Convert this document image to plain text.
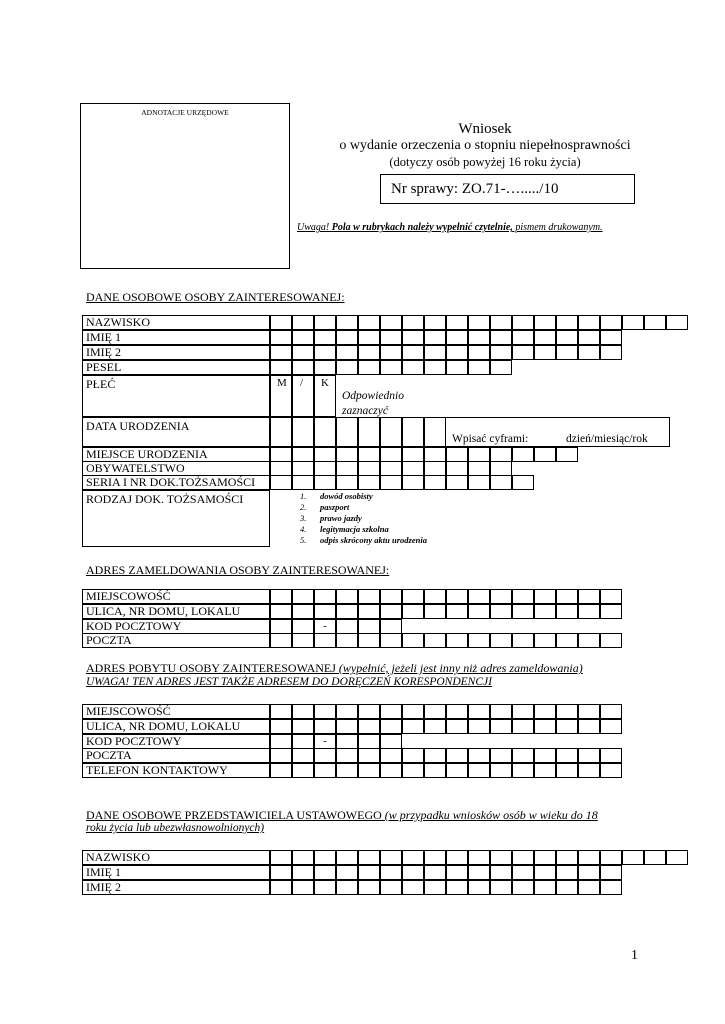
ADNOTACJE URZĘDOWE
Wniosek
o wydanie orzeczenia o stopniu niepełnosprawności
(dotyczy osób powyżej 16 roku życia)
Nr sprawy: ZO.71-…...../10
Uwaga! Pola w rubrykach należy wypełnić czytelnie, pismem drukowanym.
DANE OSOBOWE OSOBY ZAINTERESOWANEJ:
NAZWISKO
IMIĘ 1
IMIĘ 2
PESEL
PŁEĆ	M / K
Odpowiednio zaznaczyć
DATA URODZENIA
Wpisać cyframi:	dzień/miesiąc/rok
MIEJSCE URODZENIA
OBYWATELSTWO
SERIA I NR DOK.TOŻSAMOŚCI
RODZAJ DOK. TOŻSAMOŚCI	1. dowód osobisty
2. paszport
3. prawo jazdy
4. legitymacja szkolna
5. odpis skrócony aktu urodzenia
ADRES ZAMELDOWANIA OSOBY ZAINTERESOWANEJ:
MIEJSCOWOŚĆ
ULICA, NR DOMU, LOKALU
KOD POCZTOWY	-
POCZTA
ADRES POBYTU OSOBY ZAINTERESOWANEJ (wypełnić, jeżeli jest inny niż adres zameldowania)
UWAGA! TEN ADRES JEST TAKŻE ADRESEM DO DORĘCZEŃ KORESPONDENCJI
MIEJSCOWOŚĆ
ULICA, NR DOMU, LOKALU
KOD POCZTOWY	-
POCZTA
TELEFON KONTAKTOWY
DANE OSOBOWE PRZEDSTAWICIELA USTAWOWEGO (w przypadku wniosków osób w wieku do 18
roku życia lub ubezwłasnowolnionych)
NAZWISKO
IMIĘ 1
IMIĘ 2
1
